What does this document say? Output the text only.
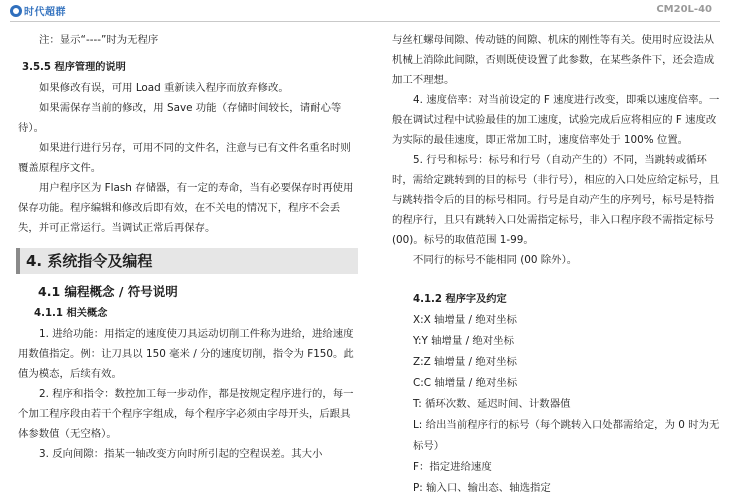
时代超群	CM20L-40

注：显示“----”时为无程序

3.5.5 程序管理的说明

如果修改有误，可用 Load 重新读入程序而放弃修改。

如果需保存当前的修改，用 Save 功能（存储时间较长，请耐心等待）。

如果进行进行另存，可用不同的文件名，注意与已有文件名重名时则覆盖原程序文件。

用户程序区为 Flash 存储器，有一定的寿命，当有必要保存时再使用保存功能。程序编辑和修改后即有效，在不关电的情况下，程序不会丢失，并可正常运行。当调试正常后再保存。

4. 系统指令及编程

4.1 编程概念 / 符号说明

4.1.1 相关概念

1. 进给功能：用指定的速度使刀具运动切削工件称为进给，进给速度用数值指定。例：让刀具以 150 毫米 / 分的速度切削，指令为 F150。此值为模态，后续有效。

2. 程序和指令：数控加工每一步动作，都是按规定程序进行的，每一个加工程序段由若干个程序字组成，每个程序字必须由字母开头，后跟具体参数值（无空格）。

3. 反向间隙：指某一轴改变方向时所引起的空程误差。其大小

与丝杠螺母间隙、传动链的间隙、机床的刚性等有关。使用时应设法从机械上消除此间隙，否则既使设置了此参数，在某些条件下，还会造成加工不理想。

4. 速度倍率：对当前设定的 F 速度进行改变，即乘以速度倍率。一般在调试过程中试验最佳的加工速度，试验完成后应将相应的 F 速度改为实际的最佳速度，即正常加工时，速度倍率处于 100% 位置。

5. 行号和标号：标号和行号（自动产生的）不同，当跳转或循环时，需给定跳转到的目的标号（非行号），相应的入口处应给定标号，且与跳转指令后的目的标号相同。行号是自动产生的序列号，标号是特指的程序行，且只有跳转入口处需指定标号，非入口程序段不需指定标号 (00)。标号的取值范围 1-99。

不同行的标号不能相同 (00 除外）。

4.1.2 程序字及约定

X:X 轴增量 / 绝对坐标

Y:Y 轴增量 / 绝对坐标

Z:Z 轴增量 / 绝对坐标

C:C 轴增量 / 绝对坐标

T: 循环次数、延迟时间、计数器值

L: 给出当前程序行的标号（每个跳转入口处都需给定，为 0 时为无标号）

F：指定进给速度

P: 输入口、输出态、轴选指定
